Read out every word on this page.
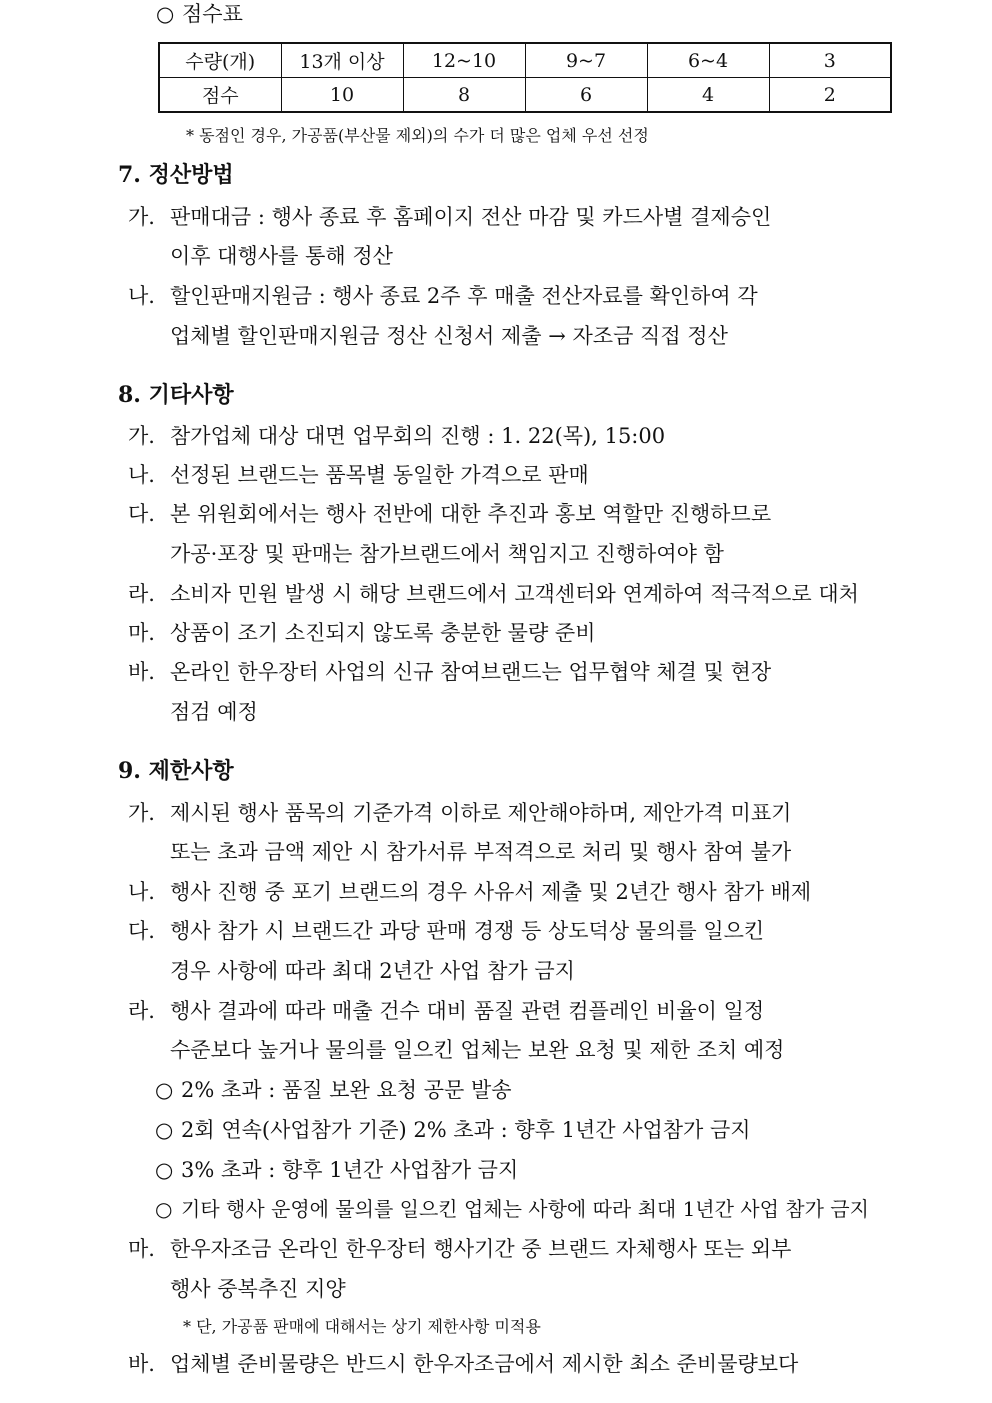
○ 점수표
수량(개)	13개 이상	12~10	9~7	6~4	3
점수	10	8	6	4	2
* 동점인 경우, 가공품(부산물 제외)의 수가 더 많은 업체 우선 선정
7. 정산방법
가. 판매대금 : 행사 종료 후 홈페이지 전산 마감 및 카드사별 결제승인
이후 대행사를 통해 정산
나. 할인판매지원금 : 행사 종료 2주 후 매출 전산자료를 확인하여 각
업체별 할인판매지원금 정산 신청서 제출 → 자조금 직접 정산
8. 기타사항
가. 참가업체 대상 대면 업무회의 진행 : 1. 22(목), 15:00
나. 선정된 브랜드는 품목별 동일한 가격으로 판매
다. 본 위원회에서는 행사 전반에 대한 추진과 홍보 역할만 진행하므로
가공·포장 및 판매는 참가브랜드에서 책임지고 진행하여야 함
라. 소비자 민원 발생 시 해당 브랜드에서 고객센터와 연계하여 적극적으로 대처
마. 상품이 조기 소진되지 않도록 충분한 물량 준비
바. 온라인 한우장터 사업의 신규 참여브랜드는 업무협약 체결 및 현장
점검 예정
9. 제한사항
가. 제시된 행사 품목의 기준가격 이하로 제안해야하며, 제안가격 미표기
또는 초과 금액 제안 시 참가서류 부적격으로 처리 및 행사 참여 불가
나. 행사 진행 중 포기 브랜드의 경우 사유서 제출 및 2년간 행사 참가 배제
다. 행사 참가 시 브랜드간 과당 판매 경쟁 등 상도덕상 물의를 일으킨
경우 사항에 따라 최대 2년간 사업 참가 금지
라. 행사 결과에 따라 매출 건수 대비 품질 관련 컴플레인 비율이 일정
수준보다 높거나 물의를 일으킨 업체는 보완 요청 및 제한 조치 예정
○ 2% 초과 : 품질 보완 요청 공문 발송
○ 2회 연속(사업참가 기준) 2% 초과 : 향후 1년간 사업참가 금지
○ 3% 초과 : 향후 1년간 사업참가 금지
○ 기타 행사 운영에 물의를 일으킨 업체는 사항에 따라 최대 1년간 사업 참가 금지
마. 한우자조금 온라인 한우장터 행사기간 중 브랜드 자체행사 또는 외부
행사 중복추진 지양
* 단, 가공품 판매에 대해서는 상기 제한사항 미적용
바. 업체별 준비물량은 반드시 한우자조금에서 제시한 최소 준비물량보다
